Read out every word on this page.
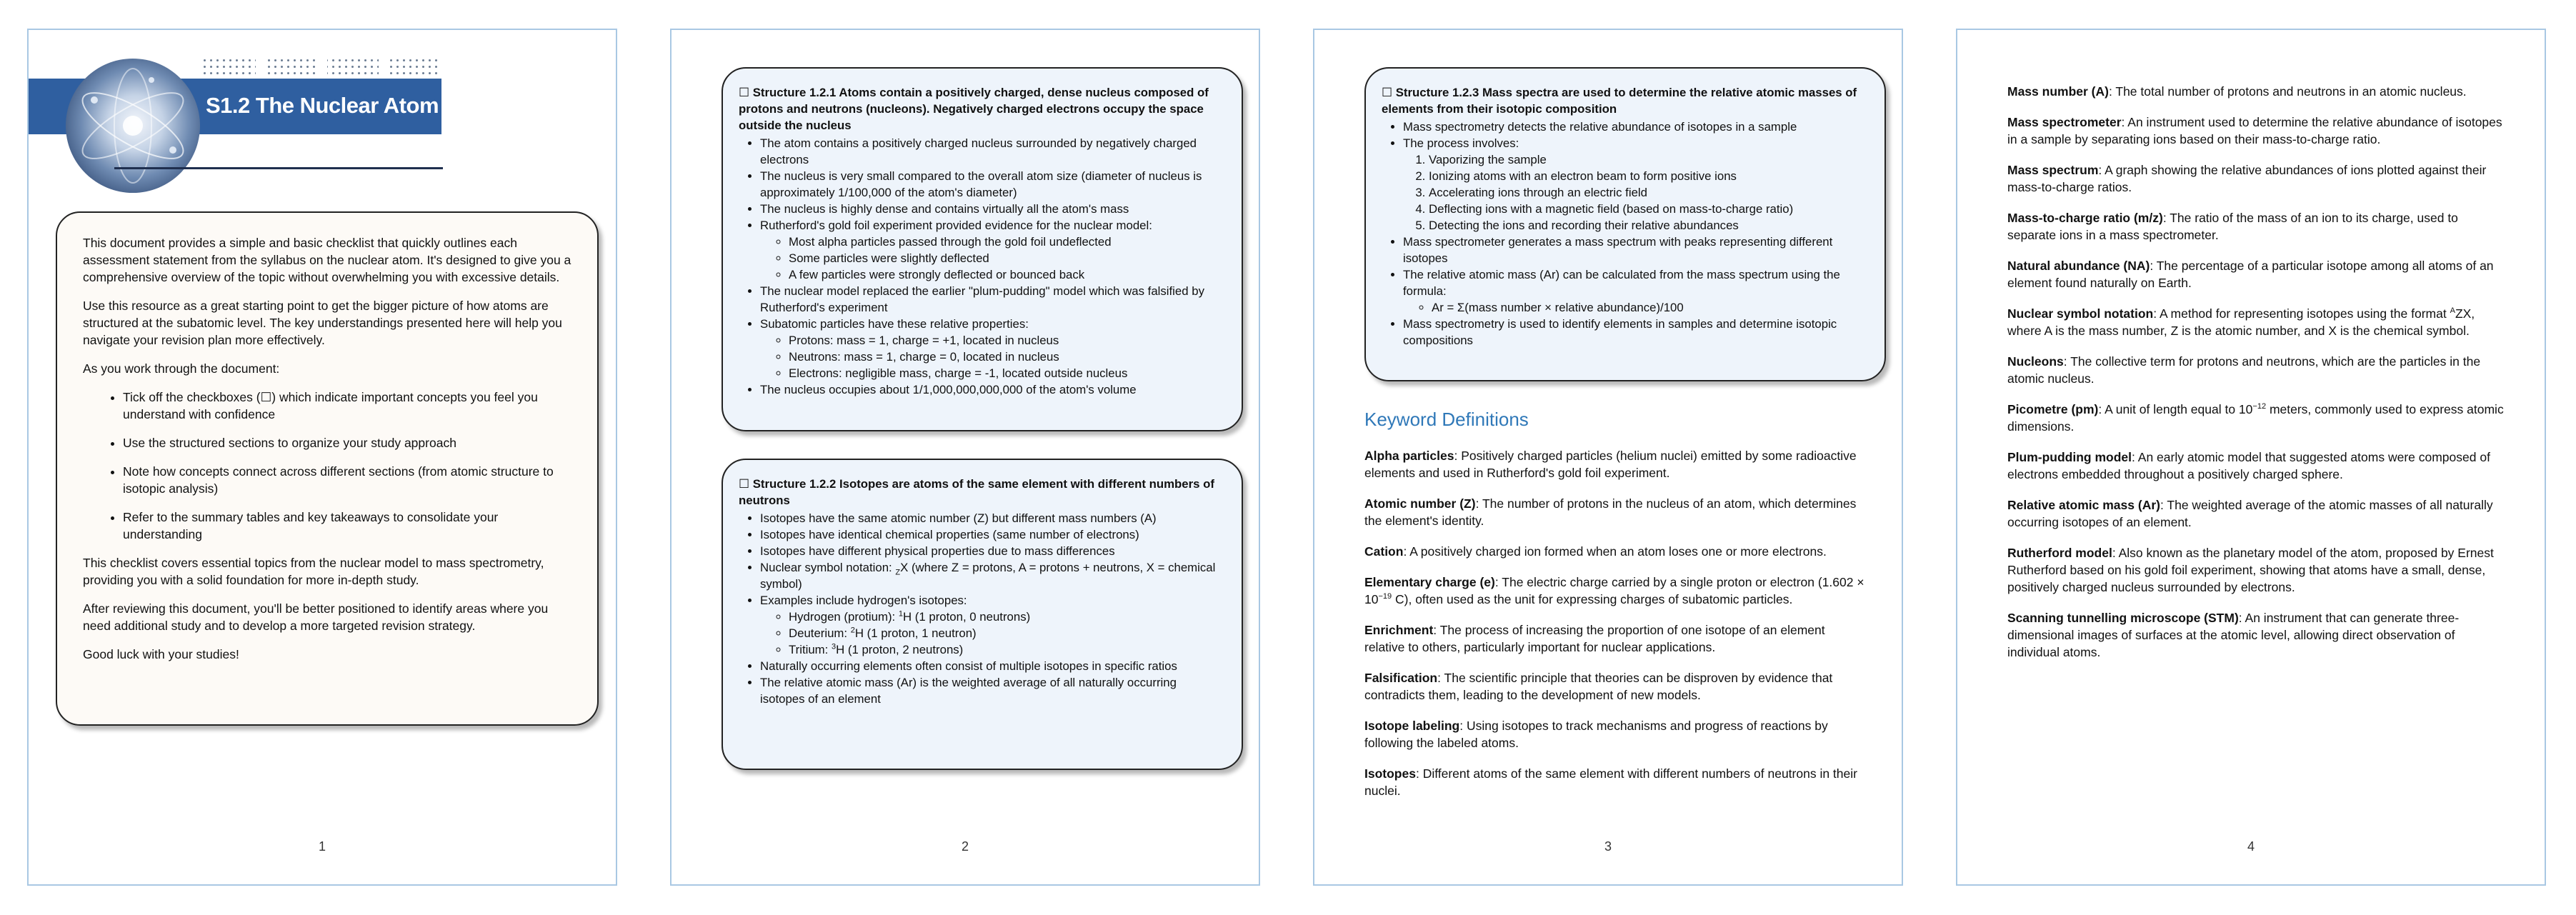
S1.2 The Nuclear Atom

This document provides a simple and basic checklist that quickly outlines each assessment statement from the syllabus on the nuclear atom. It's designed to give you a comprehensive overview of the topic without overwhelming you with excessive details.

Use this resource as a great starting point to get the bigger picture of how atoms are structured at the subatomic level. The key understandings presented here will help you navigate your revision plan more effectively.

As you work through the document:

• Tick off the checkboxes (☐) which indicate important concepts you feel you understand with confidence
• Use the structured sections to organize your study approach
• Note how concepts connect across different sections (from atomic structure to isotopic analysis)
• Refer to the summary tables and key takeaways to consolidate your understanding

This checklist covers essential topics from the nuclear model to mass spectrometry, providing you with a solid foundation for more in-depth study.

After reviewing this document, you'll be better positioned to identify areas where you need additional study and to develop a more targeted revision strategy.

Good luck with your studies!

1
☐ Structure 1.2.1 Atoms contain a positively charged, dense nucleus composed of protons and neutrons (nucleons). Negatively charged electrons occupy the space outside the nucleus
• The atom contains a positively charged nucleus surrounded by negatively charged electrons
• The nucleus is very small compared to the overall atom size (diameter of nucleus is approximately 1/100,000 of the atom's diameter)
• The nucleus is highly dense and contains virtually all the atom's mass
• Rutherford's gold foil experiment provided evidence for the nuclear model:
◦ Most alpha particles passed through the gold foil undeflected
◦ Some particles were slightly deflected
◦ A few particles were strongly deflected or bounced back
• The nuclear model replaced the earlier "plum-pudding" model which was falsified by Rutherford's experiment
• Subatomic particles have these relative properties:
◦ Protons: mass = 1, charge = +1, located in nucleus
◦ Neutrons: mass = 1, charge = 0, located in nucleus
◦ Electrons: negligible mass, charge = -1, located outside nucleus
• The nucleus occupies about 1/1,000,000,000,000 of the atom's volume
☐ Structure 1.2.2 Isotopes are atoms of the same element with different numbers of neutrons
• Isotopes have the same atomic number (Z) but different mass numbers (A)
• Isotopes have identical chemical properties (same number of electrons)
• Isotopes have different physical properties due to mass differences
• Nuclear symbol notation: $_Z$X (where Z = protons, A = protons + neutrons, X = chemical symbol)
• Examples include hydrogen's isotopes:
◦ Hydrogen (protium): $^1$H (1 proton, 0 neutrons)
◦ Deuterium: $^2$H (1 proton, 1 neutron)
◦ Tritium: $^3$H (1 proton, 2 neutrons)
• Naturally occurring elements often consist of multiple isotopes in specific ratios
• The relative atomic mass (Ar) is the weighted average of all naturally occurring isotopes of an element
2
☐ Structure 1.2.3 Mass spectra are used to determine the relative atomic masses of elements from their isotopic composition
• Mass spectrometry detects the relative abundance of isotopes in a sample
• The process involves:
1. Vaporizing the sample
2. Ionizing atoms with an electron beam to form positive ions
3. Accelerating ions through an electric field
4. Deflecting ions with a magnetic field (based on mass-to-charge ratio)
5. Detecting the ions and recording their relative abundances
• Mass spectrometer generates a mass spectrum with peaks representing different isotopes
• The relative atomic mass (Ar) can be calculated from the mass spectrum using the formula:
◦ Ar = Σ(mass number × relative abundance)/100
• Mass spectrometry is used to identify elements in samples and determine isotopic compositions
Keyword Definitions

Alpha particles: Positively charged particles (helium nuclei) emitted by some radioactive elements and used in Rutherford's gold foil experiment.

Atomic number (Z): The number of protons in the nucleus of an atom, which determines the element's identity.

Cation: A positively charged ion formed when an atom loses one or more electrons.

Elementary charge (e): The electric charge carried by a single proton or electron ($1.602 \times 10^{-19}$ C), often used as the unit for expressing charges of subatomic particles.

Enrichment: The process of increasing the proportion of one isotope of an element relative to others, particularly important for nuclear applications.

Falsification: The scientific principle that theories can be disproven by evidence that contradicts them, leading to the development of new models.

Isotope labeling: Using isotopes to track mechanisms and progress of reactions by following the labeled atoms.

Isotopes: Different atoms of the same element with different numbers of neutrons in their nuclei.

3

Mass number (A): The total number of protons and neutrons in an atomic nucleus.

Mass spectrometer: An instrument used to determine the relative abundance of isotopes in a sample by separating ions based on their mass-to-charge ratio.

Mass spectrum: A graph showing the relative abundances of ions plotted against their mass-to-charge ratios.

Mass-to-charge ratio (m/z): The ratio of the mass of an ion to its charge, used to separate ions in a mass spectrometer.

Natural abundance (NA): The percentage of a particular isotope among all atoms of an element found naturally on Earth.

Nuclear symbol notation: A method for representing isotopes using the format $^A$ZX, where A is the mass number, Z is the atomic number, and X is the chemical symbol.

Nucleons: The collective term for protons and neutrons, which are the particles in the atomic nucleus.

Picometre (pm): A unit of length equal to $10^{-12}$ meters, commonly used to express atomic dimensions.

Plum-pudding model: An early atomic model that suggested atoms were composed of electrons embedded throughout a positively charged sphere.

Relative atomic mass (Ar): The weighted average of the atomic masses of all naturally occurring isotopes of an element.

Rutherford model: Also known as the planetary model of the atom, proposed by Ernest Rutherford based on his gold foil experiment, showing that atoms have a small, dense, positively charged nucleus surrounded by electrons.

Scanning tunnelling microscope (STM): An instrument that can generate three-dimensional images of surfaces at the atomic level, allowing direct observation of individual atoms.

4
